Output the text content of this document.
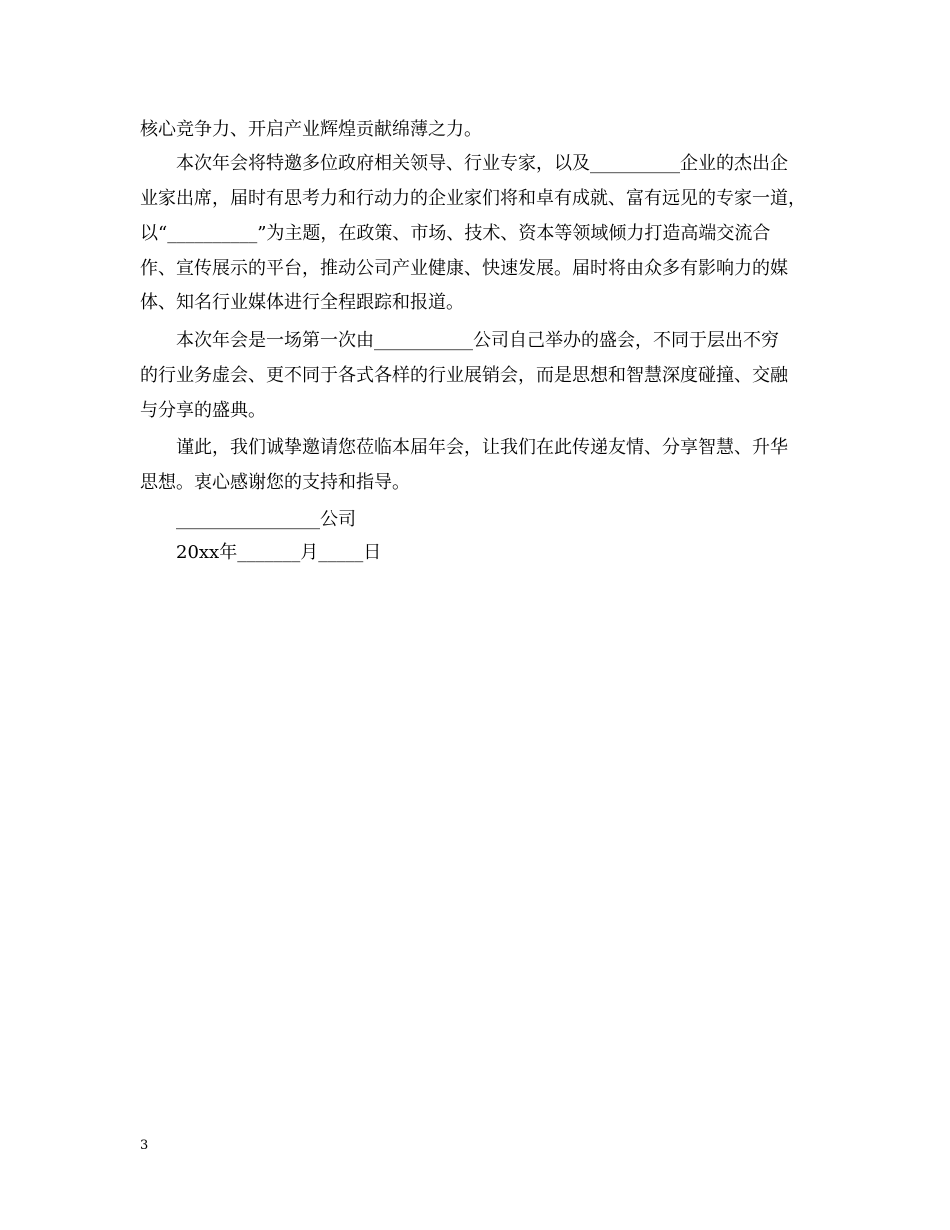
核心竞争力、开启产业辉煌贡献绵薄之力。
本次年会将特邀多位政府相关领导、行业专家，以及__________企业的杰出企
业家出席，届时有思考力和行动力的企业家们将和卓有成就、富有远见的专家一道，
以“__________”为主题，在政策、市场、技术、资本等领域倾力打造高端交流合
作、宣传展示的平台，推动公司产业健康、快速发展。届时将由众多有影响力的媒
体、知名行业媒体进行全程跟踪和报道。
本次年会是一场第一次由___________公司自己举办的盛会，不同于层出不穷
的行业务虚会、更不同于各式各样的行业展销会，而是思想和智慧深度碰撞、交融
与分享的盛典。
谨此，我们诚挚邀请您莅临本届年会，让我们在此传递友情、分享智慧、升华
思想。衷心感谢您的支持和指导。
________________公司
20xx年_______月_____日
3
